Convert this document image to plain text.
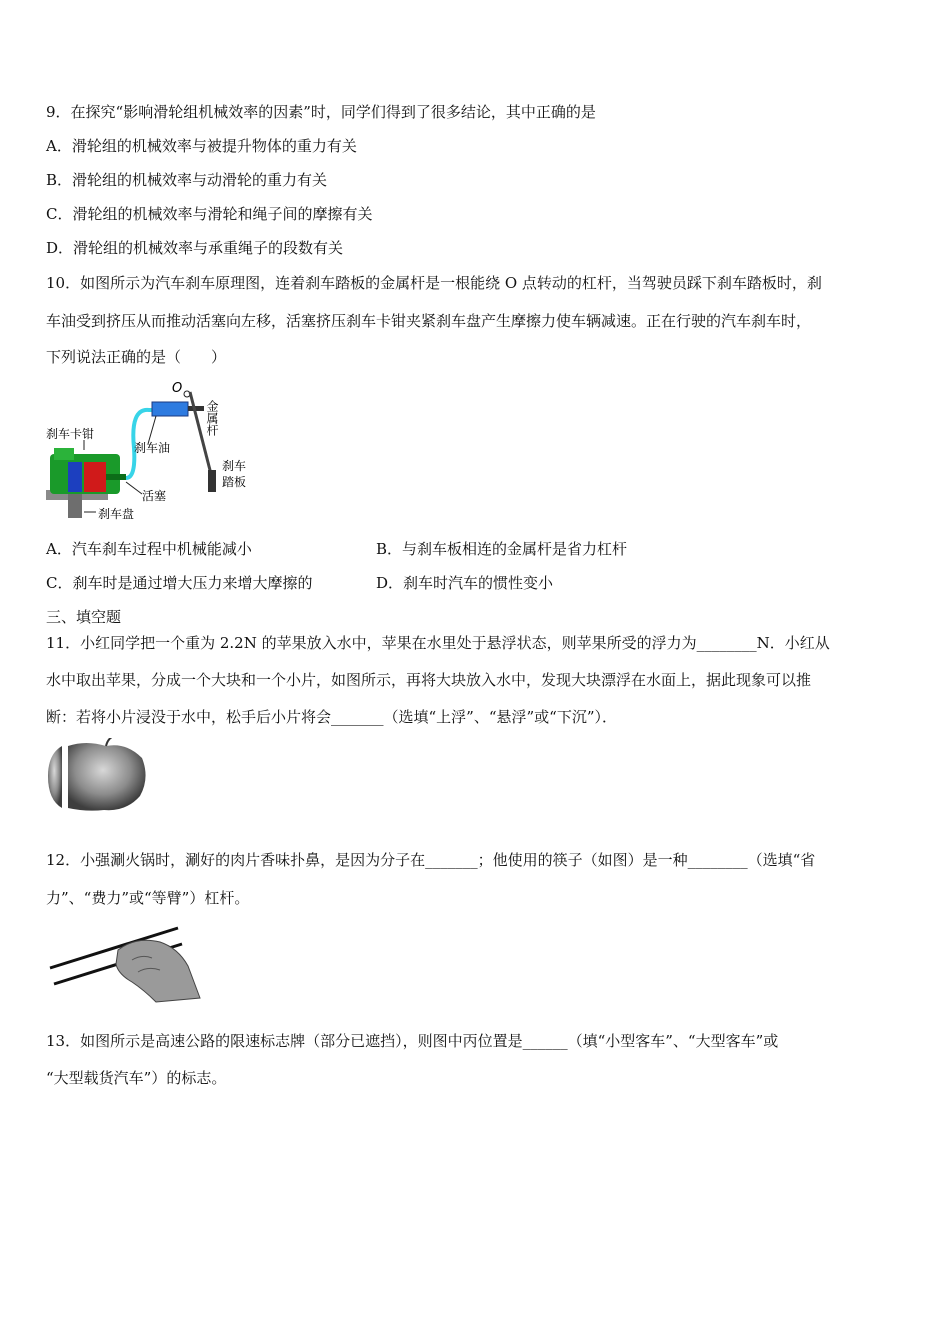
9．在探究“影响滑轮组机械效率的因素”时，同学们得到了很多结论，其中正确的是
A．滑轮组的机械效率与被提升物体的重力有关
B．滑轮组的机械效率与动滑轮的重力有关
C．滑轮组的机械效率与滑轮和绳子间的摩擦有关
D．滑轮组的机械效率与承重绳子的段数有关
10．如图所示为汽车刹车原理图，连着刹车踏板的金属杆是一根能绕 O 点转动的杠杆，当驾驶员踩下刹车踏板时，刹
车油受到挤压从而推动活塞向左移，活塞挤压刹车卡钳夹紧刹车盘产生摩擦力使车辆减速。正在行驶的汽车刹车时，
下列说法正确的是（　　）
O
刹车卡钳
刹车油
活塞
刹车盘
金属杆
刹车
踏板
A．汽车刹车过程中机械能减小	B．与刹车板相连的金属杆是省力杠杆
C．刹车时是通过增大压力来增大摩擦的	D．刹车时汽车的惯性变小
三、填空题
11．小红同学把一个重为 2.2N 的苹果放入水中，苹果在水里处于悬浮状态，则苹果所受的浮力为________N．小红从
水中取出苹果，分成一个大块和一个小片，如图所示，再将大块放入水中，发现大块漂浮在水面上，据此现象可以推
断：若将小片浸没于水中，松手后小片将会_______（选填“上浮”、“悬浮”或“下沉”）．
12．小强涮火锅时，涮好的肉片香味扑鼻，是因为分子在_______；他使用的筷子（如图）是一种________（选填“省
力”、“费力”或“等臂”）杠杆。
13．如图所示是高速公路的限速标志牌（部分已遮挡），则图中丙位置是______（填“小型客车”、“大型客车”或
“大型载货汽车”）的标志。
